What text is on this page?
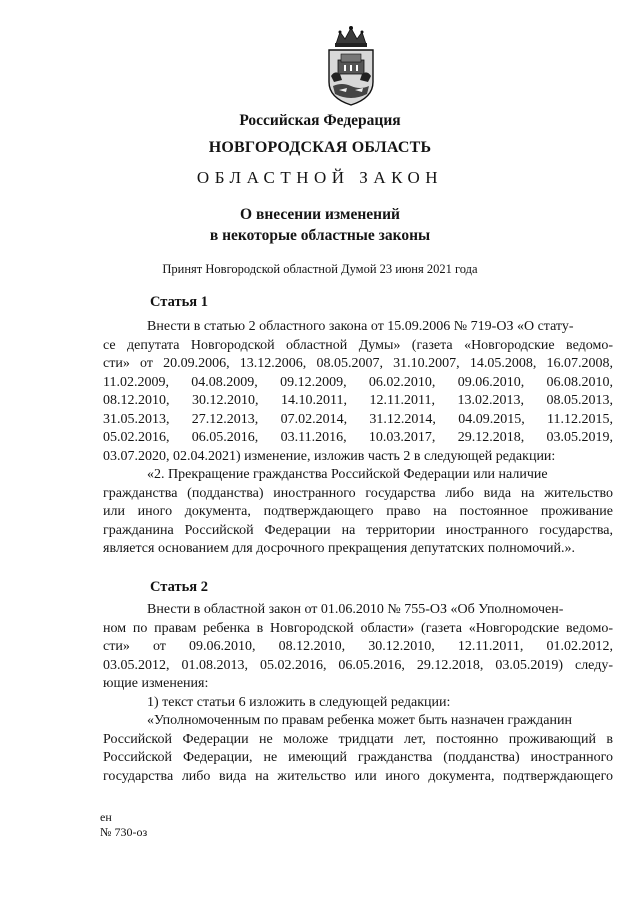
Российская Федерация
НОВГОРОДСКАЯ ОБЛАСТЬ
ОБЛАСТНОЙ ЗАКОН
О внесении изменений
в некоторые областные законы
Принят Новгородской областной Думой 23 июня 2021 года
Статья 1
Внести в статью 2 областного закона от 15.09.2006 № 719-ОЗ «О стату-
се депутата Новгородской областной Думы» (газета «Новгородские ведомо-
сти» от 20.09.2006, 13.12.2006, 08.05.2007, 31.10.2007, 14.05.2008, 16.07.2008,
11.02.2009, 04.08.2009, 09.12.2009, 06.02.2010, 09.06.2010, 06.08.2010,
08.12.2010, 30.12.2010, 14.10.2011, 12.11.2011, 13.02.2013, 08.05.2013,
31.05.2013, 27.12.2013, 07.02.2014, 31.12.2014, 04.09.2015, 11.12.2015,
05.02.2016, 06.05.2016, 03.11.2016, 10.03.2017, 29.12.2018, 03.05.2019,
03.07.2020, 02.04.2021) изменение, изложив часть 2 в следующей редакции:
«2. Прекращение гражданства Российской Федерации или наличие
гражданства (подданства) иностранного государства либо вида на жительство
или иного документа, подтверждающего право на постоянное проживание
гражданина Российской Федерации на территории иностранного государства,
является основанием для досрочного прекращения депутатских полномочий.».
Статья 2
Внести в областной закон от 01.06.2010 № 755-ОЗ «Об Уполномочен-
ном по правам ребенка в Новгородской области» (газета «Новгородские ведомо-
сти» от 09.06.2010, 08.12.2010, 30.12.2010, 12.11.2011, 01.02.2012,
03.05.2012, 01.08.2013, 05.02.2016, 06.05.2016, 29.12.2018, 03.05.2019) следу-
ющие изменения:
1) текст статьи 6 изложить в следующей редакции:
«Уполномоченным по правам ребенка может быть назначен гражданин
Российской Федерации не моложе тридцати лет, постоянно проживающий в
Российской Федерации, не имеющий гражданства (подданства) иностранного
государства либо вида на жительство или иного документа, подтверждающего
ен
№ 730-оз
